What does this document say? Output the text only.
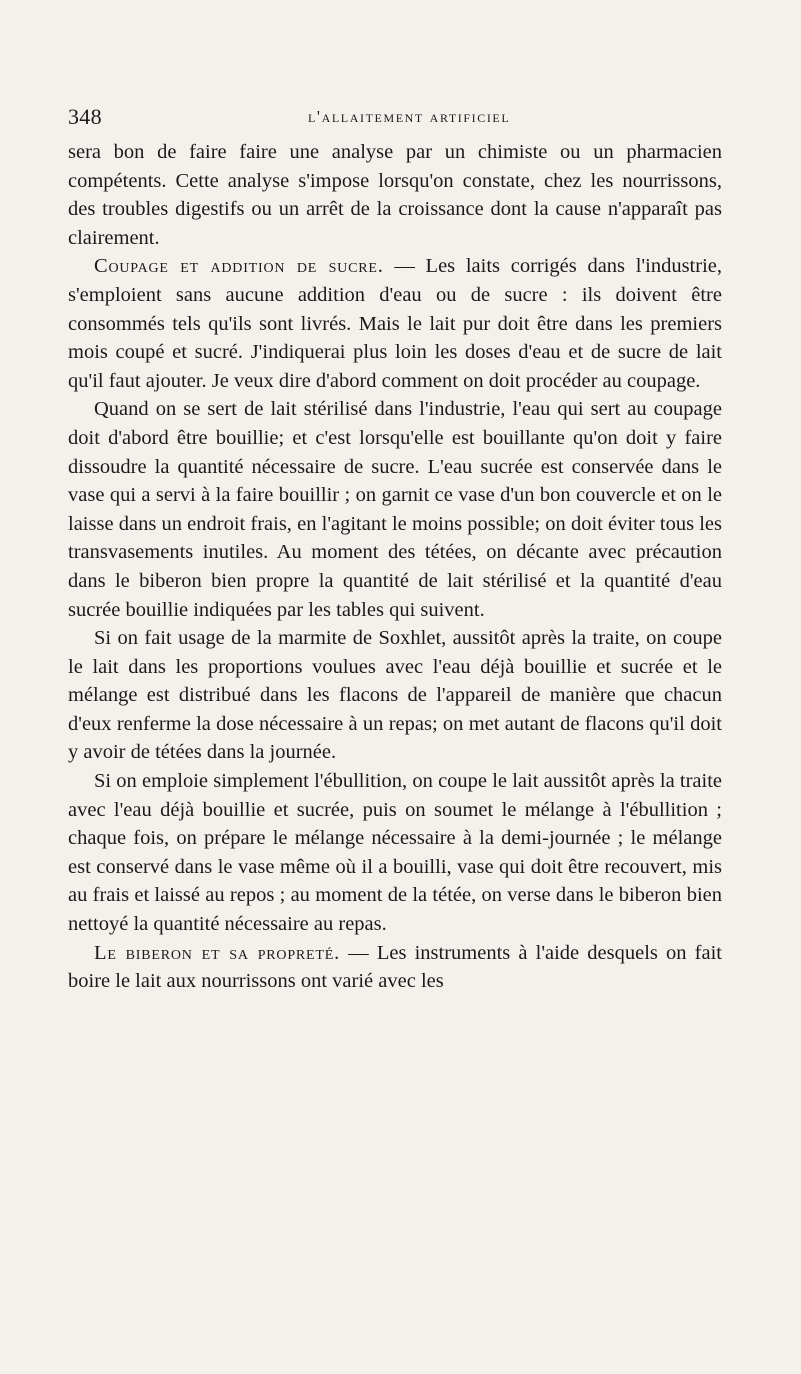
348	l'allaitement artificiel

sera bon de faire faire une analyse par un chimiste ou un pharmacien compétents. Cette analyse s'impose lorsqu'on constate, chez les nourrissons, des troubles digestifs ou un arrêt de la croissance dont la cause n'apparaît pas clairement.

Coupage et addition de sucre. — Les laits corrigés dans l'industrie, s'emploient sans aucune addition d'eau ou de sucre : ils doivent être consommés tels qu'ils sont livrés. Mais le lait pur doit être dans les premiers mois coupé et sucré. J'indiquerai plus loin les doses d'eau et de sucre de lait qu'il faut ajouter. Je veux dire d'abord comment on doit procéder au coupage.

Quand on se sert de lait stérilisé dans l'industrie, l'eau qui sert au coupage doit d'abord être bouillie; et c'est lorsqu'elle est bouillante qu'on doit y faire dissoudre la quantité nécessaire de sucre. L'eau sucrée est conservée dans le vase qui a servi à la faire bouillir ; on garnit ce vase d'un bon couvercle et on le laisse dans un endroit frais, en l'agitant le moins possible; on doit éviter tous les transvasements inutiles. Au moment des tétées, on décante avec précaution dans le biberon bien propre la quantité de lait stérilisé et la quantité d'eau sucrée bouillie indiquées par les tables qui suivent.

Si on fait usage de la marmite de Soxhlet, aussitôt après la traite, on coupe le lait dans les proportions voulues avec l'eau déjà bouillie et sucrée et le mélange est distribué dans les flacons de l'appareil de manière que chacun d'eux renferme la dose nécessaire à un repas; on met autant de flacons qu'il doit y avoir de tétées dans la journée.

Si on emploie simplement l'ébullition, on coupe le lait aussitôt après la traite avec l'eau déjà bouillie et sucrée, puis on soumet le mélange à l'ébullition ; chaque fois, on prépare le mélange nécessaire à la demi-journée ; le mélange est conservé dans le vase même où il a bouilli, vase qui doit être recouvert, mis au frais et laissé au repos ; au moment de la tétée, on verse dans le biberon bien nettoyé la quantité nécessaire au repas.

Le biberon et sa propreté. — Les instruments à l'aide desquels on fait boire le lait aux nourrissons ont varié avec les
